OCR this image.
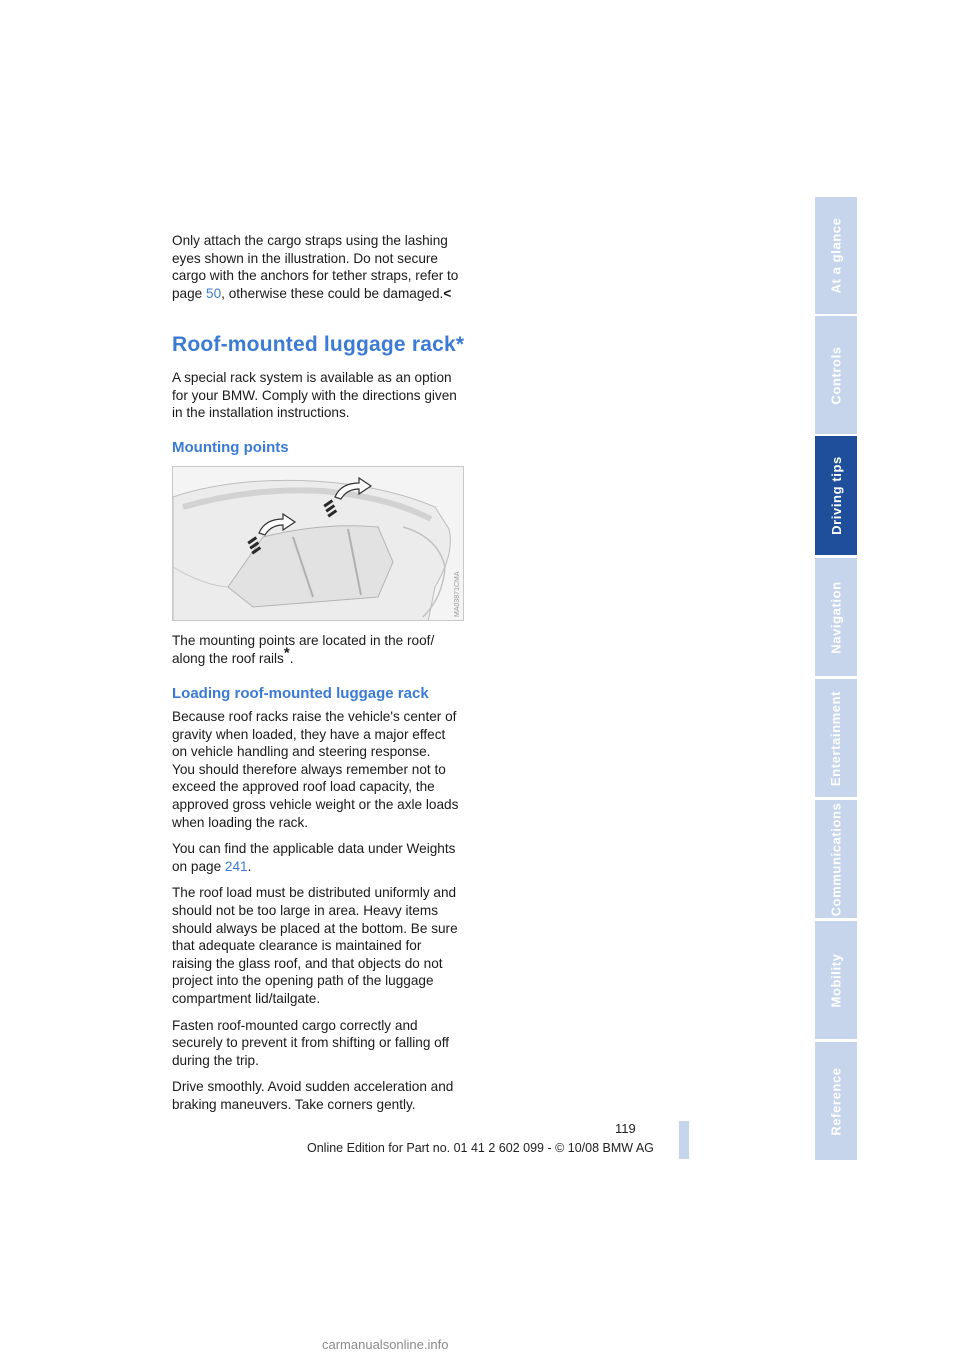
Only attach the cargo straps using the lashing eyes shown in the illustration. Do not secure cargo with the anchors for tether straps, refer to page 50, otherwise these could be damaged.<

Roof-mounted luggage rack*

A special rack system is available as an option for your BMW. Comply with the directions given in the installation instructions.

Mounting points
MA03871CMA

The mounting points are located in the roof/ along the roof rails*.

Loading roof-mounted luggage rack

Because roof racks raise the vehicle's center of gravity when loaded, they have a major effect on vehicle handling and steering response.

You should therefore always remember not to exceed the approved roof load capacity, the approved gross vehicle weight or the axle loads when loading the rack.

You can find the applicable data under Weights on page 241.

The roof load must be distributed uniformly and should not be too large in area. Heavy items should always be placed at the bottom. Be sure that adequate clearance is maintained for raising the glass roof, and that objects do not project into the opening path of the luggage compartment lid/tailgate.

Fasten roof-mounted cargo correctly and securely to prevent it from shifting or falling off during the trip.

Drive smoothly. Avoid sudden acceleration and braking maneuvers. Take corners gently.

At a glance
Controls
Driving tips
Navigation
Entertainment
Communications
Mobility
Reference
119
Online Edition for Part no. 01 41 2 602 099 - © 10/08 BMW AG
carmanualsonline.info
